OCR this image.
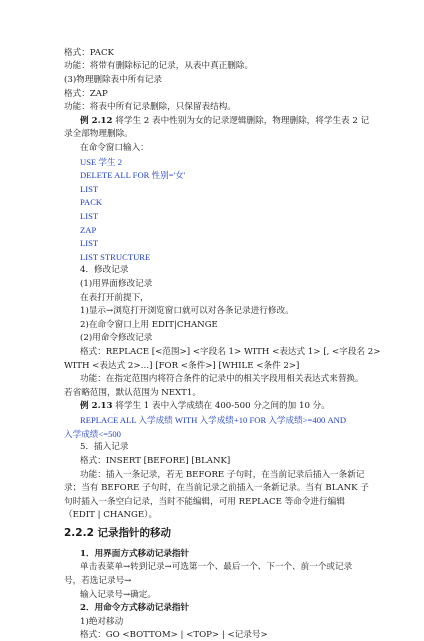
格式：PACK
功能：将带有删除标记的记录，从表中真正删除。
(3)物理删除表中所有记录
格式：ZAP
功能：将表中所有记录删除，只保留表结构。
例 2.12 将学生 2 表中性别为女的记录逻辑删除，物理删除，将学生表 2 记
录全部物理删除。
在命令窗口输入：
USE 学生 2
DELETE ALL FOR 性别='女'
LIST
PACK
LIST
ZAP
LIST
LIST STRUCTURE
4．修改记录
(1)用界面修改记录
在表打开前提下，
1)显示→浏览打开浏览窗口就可以对各条记录进行修改。
2)在命令窗口上用 EDIT|CHANGE
(2)用命令修改记录
格式：REPLACE [<范围>] <字段名 1> WITH <表达式 1> [, <字段名 2>
WITH <表达式 2>…] [FOR <条件>] [WHILE <条件 2>]
功能：在指定范围内将符合条件的记录中的相关字段用相关表达式来替换。
若省略范围，默认范围为 NEXT1。
例 2.13 将学生 1 表中入学成绩在 400-500 分之间的加 10 分。
REPLACE ALL 入学成绩 WITH 入学成绩+10 FOR 入学成绩>=400 AND
入学成绩<=500
5．插入记录
格式：INSERT [BEFORE] [BLANK]
功能：插入一条记录，若无 BEFORE 子句时，在当前记录后插入一条新记
录；当有 BEFORE 子句时，在当前记录之前插入一条新记录。当有 BLANK 子
句时插入一条空白记录，当时不能编辑，可用 REPLACE 等命令进行编辑
（EDIT | CHANGE）。
2.2.2 记录指针的移动
1．用界面方式移动记录指针
单击表菜单→转到记录→可选第一个、最后一个、下一个、前一个或记录
号，若选记录号→
输入记录号→确定。
2．用命令方式移动记录指针
1)绝对移动
格式：GO <BOTTOM> | <TOP> | <记录号>
